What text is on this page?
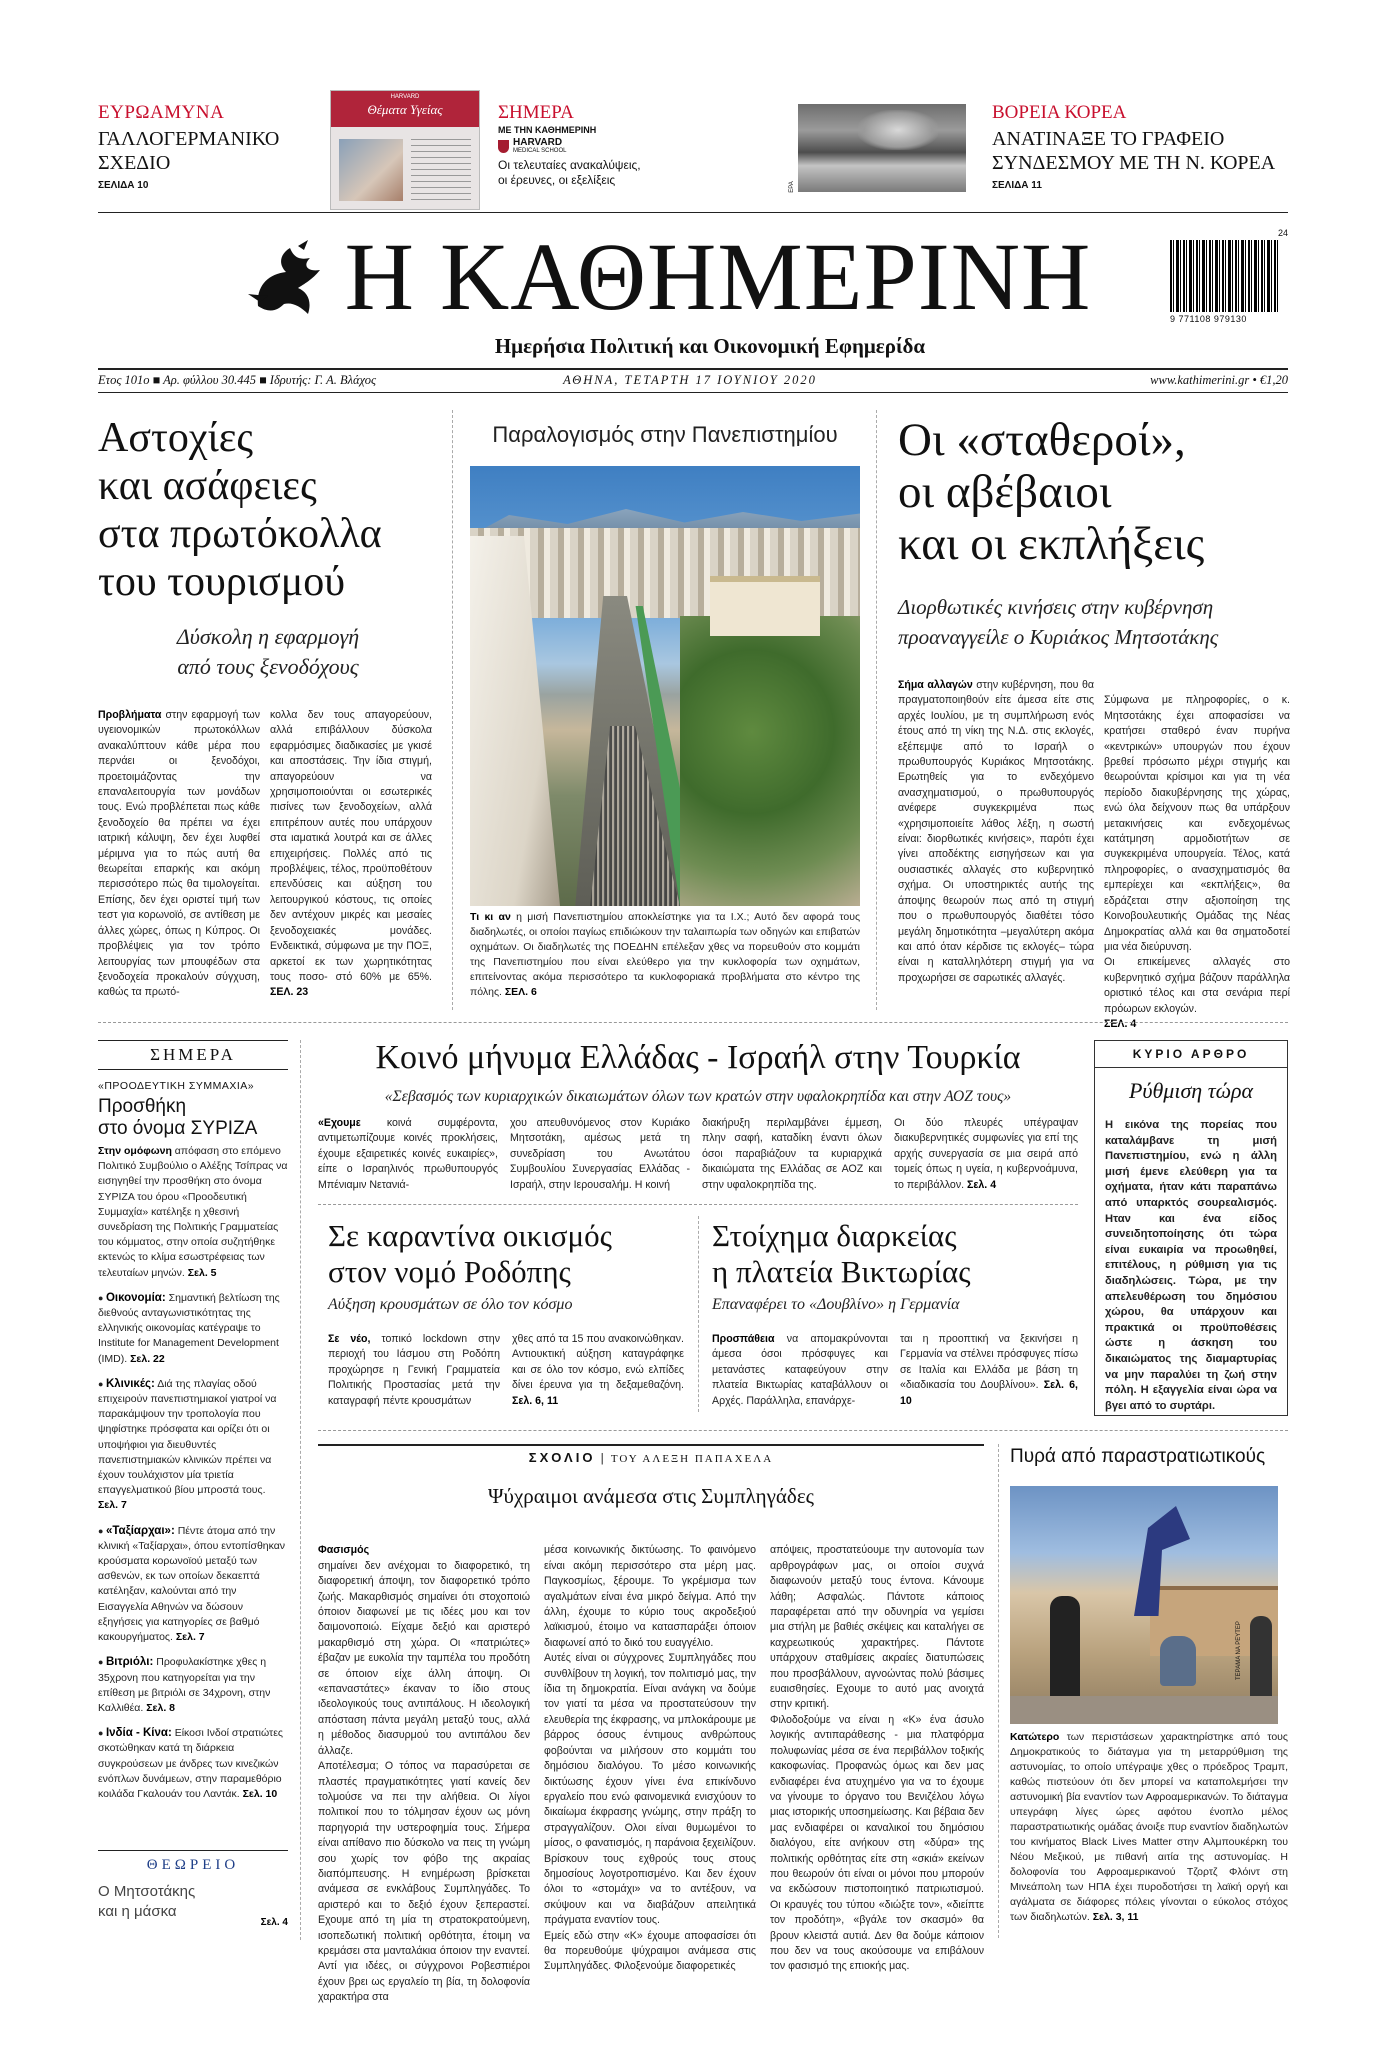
ΕΥΡΩΑΜΥΝΑ
ΓΑΛΛΟΓΕΡΜΑΝΙΚΟ
ΣΧΕΔΙΟ
ΣΕΛΙΔΑ 10
HARVARD
Θέματα Υγείας	ΣΗΜΕΡΑ
ΜΕ ΤΗΝ ΚΑΘΗΜΕΡΙΝΗ
HARVARD
MEDICAL SCHOOL
Οι τελευταίες ανακαλύψεις,
οι έρευνες, οι εξελίξεις	EPA
ΒΟΡΕΙΑ ΚΟΡΕΑ
ΑΝΑΤΙΝΑΞΕ ΤΟ ΓΡΑΦΕΙΟ
ΣΥΝΔΕΣΜΟΥ ΜΕ ΤΗ Ν. ΚΟΡΕΑ
ΣΕΛΙΔΑ 11
Η ΚΑΘΗΜΕΡΙΝΗ
Ημερήσια Πολιτική και Οικονομική Εφημερίδα
24
9 771108 979130
Ετος 101ο ■ Αρ. φύλλου 30.445 ■ Ιδρυτής: Γ. Α. Βλάχος	ΑΘΗΝΑ, ΤΕΤΑΡΤΗ 17 ΙΟΥΝΙΟΥ 2020	www.kathimerini.gr • €1,20
Αστοχίες
και ασάφειες
στα πρωτόκολλα
του τουρισμού
Δύσκολη η εφαρμογή
από τους ξενοδόχους
Προβλήματα στην εφαρμογή των υγειονομικών πρωτοκόλλων ανακαλύπτουν κάθε μέρα που περνάει οι ξενοδόχοι, προετοιμάζοντας την επαναλειτουργία των μονάδων τους. Ενώ προβλέπεται πως κάθε ξενοδοχείο θα πρέπει να έχει ιατρική κάλυψη, δεν έχει λυφθεί μέριμνα για το πώς αυτή θα θεωρείται επαρκής και ακόμη περισσότερο πώς θα τιμολογείται. Επίσης, δεν έχει οριστεί τιμή των τεστ για κορωνοϊό, σε αντίθεση με άλλες χώρες, όπως η Κύπρος. Οι προβλέψεις για τον τρόπο λειτουργίας των μπουφέδων στα ξενοδοχεία προκαλούν σύγχυση, καθώς τα πρωτό-
κολλα δεν τους απαγορεύουν, αλλά επιβάλλουν δύσκολα εφαρμόσιμες διαδικασίες με γκισέ και αποστάσεις. Την ίδια στιγμή, απαγορεύουν να χρησιμοποιούνται οι εσωτερικές πισίνες των ξενοδοχείων, αλλά επιτρέπουν αυτές που υπάρχουν στα ιαματικά λουτρά και σε άλλες επιχειρήσεις. Πολλές από τις προβλέψεις, τέλος, προϋποθέτουν επενδύσεις και αύξηση του λειτουργικού κόστους, τις οποίες δεν αντέχουν μικρές και μεσαίες ξενοδοχειακές μονάδες. Ενδεικτικά, σύμφωνα με την ΠΟΞ, αρκετοί εκ των χωρητικότητας τους ποσο- στό 60% με 65%. ΣΕΛ. 23
Παραλογισμός στην Πανεπιστημίου
Τι κι αν η μισή Πανεπιστημίου αποκλείστηκε για τα Ι.Χ.; Αυτό δεν αφορά τους διαδηλωτές, οι οποίοι παγίως επιδιώκουν την ταλαιπωρία των οδηγών και επιβατών οχημάτων. Οι διαδηλωτές της ΠΟΕΔΗΝ επέλεξαν χθες να πορευθούν στο κομμάτι της Πανεπιστημίου που είναι ελεύθερο για την κυκλοφορία των οχημάτων, επιτείνοντας ακόμα περισσότερο τα κυκλοφοριακά προβλήματα στο κέντρο της πόλης. ΣΕΛ. 6
Οι «σταθεροί»,
οι αβέβαιοι
και οι εκπλήξεις
Διορθωτικές κινήσεις στην κυβέρνηση
προαναγγείλε ο Κυριάκος Μητσοτάκης
Σήμα αλλαγών στην κυβέρνηση, που θα πραγματοποιηθούν είτε άμεσα είτε στις αρχές Ιουλίου, με τη συμπλήρωση ενός έτους από τη νίκη της Ν.Δ. στις εκλογές, εξέπεμψε από το Ισραήλ ο πρωθυπουργός Κυριάκος Μητσοτάκης. Ερωτηθείς για το ενδεχόμενο ανασχηματισμού, ο πρωθυπουργός ανέφερε συγκεκριμένα πως «χρησιμοποιείτε λάθος λέξη, η σωστή είναι: διορθωτικές κινήσεις», παρότι έχει γίνει αποδέκτης εισηγήσεων και για ουσιαστικές αλλαγές στο κυβερνητικό σχήμα. Οι υποστηρικτές αυτής της άποψης θεωρούν πως από τη στιγμή που ο πρωθυπουργός διαθέτει τόσο μεγάλη δημοτικότητα –μεγαλύτερη ακόμα και από όταν κέρδισε τις εκλογές– τώρα είναι η καταλληλότερη στιγμή για να προχωρήσει σε σαρωτικές αλλαγές.

Σύμφωνα με πληροφορίες, ο κ. Μητσοτάκης έχει αποφασίσει να κρατήσει σταθερό έναν πυρήνα «κεντρικών» υπουργών που έχουν βρεθεί πρόσωπο μέχρι στιγμής και θεωρούνται κρίσιμοι και για τη νέα περίοδο διακυβέρνησης της χώρας, ενώ όλα δείχνουν πως θα υπάρξουν μετακινήσεις και ενδεχομένως κατάτμηση αρμοδιοτήτων σε συγκεκριμένα υπουργεία. Τέλος, κατά πληροφορίες, ο ανασχηματισμός θα εμπερίεχει και «εκπλήξεις», θα εδράζεται στην αξιοποίηση της Κοινοβουλευτικής Ομάδας της Νέας Δημοκρατίας αλλά και θα σηματοδοτεί μια νέα διεύρυνση.
Οι επικείμενες αλλαγές στο κυβερνητικό σχήμα βάζουν παράλληλα οριστικό τέλος και στα σενάρια περί πρόωρων εκλογών.
ΣΕΛ. 4

ΣΗΜΕΡΑ
«ΠΡΟΟΔΕΥΤΙΚΗ ΣΥΜΜΑΧΙΑ»
Προσθήκη
στο όνομα ΣΥΡΙΖΑ
Στην ομόφωνη απόφαση στο επόμενο Πολιτικό Συμβούλιο ο Αλέξης Τσίπρας να εισηγηθεί την προσθήκη στο όνομα ΣΥΡΙΖΑ του όρου «Προοδευτική Συμμαχία» κατέληξε η χθεσινή συνεδρίαση της Πολιτικής Γραμματείας του κόμματος, στην οποία συζητήθηκε εκτενώς το κλίμα εσωστρέφειας των τελευταίων μηνών. Σελ. 5
● Οικονομία: Σημαντική βελτίωση της διεθνούς ανταγωνιστικότητας της ελληνικής οικονομίας κατέγραψε το Institute for Management Development (IMD). Σελ. 22
● Κλινικές: Διά της πλαγίας οδού επιχειρούν πανεπιστημιακοί γιατροί να παρακάμψουν την τροπολογία που ψηφίστηκε πρόσφατα και ορίζει ότι οι υποψήφιοι για διευθυντές πανεπιστημιακών κλινικών πρέπει να έχουν τουλάχιστον μία τριετία επαγγελματικού βίου μπροστά τους. Σελ. 7
● «Ταξίαρχαι»: Πέντε άτομα από την κλινική «Ταξίαρχαι», όπου εντοπίσθηκαν κρούσματα κορωνοϊού μεταξύ των ασθενών, εκ των οποίων δεκαεπτά κατέληξαν, καλούνται από την Εισαγγελία Αθηνών να δώσουν εξηγήσεις για κατηγορίες σε βαθμό κακουργήματος. Σελ. 7
● Βιτριόλι: Προφυλακίστηκε χθες η 35χρονη που κατηγορείται για την επίθεση με βιτριόλι σε 34χρονη, στην Καλλιθέα. Σελ. 8
● Ινδία - Κίνα: Είκοσι Ινδοί στρατιώτες σκοτώθηκαν κατά τη διάρκεια συγκρούσεων με άνδρες των κινεζικών ενόπλων δυνάμεων, στην παραμεθόριο κοιλάδα Γκαλουάν του Λαντάκ. Σελ. 10
ΘΕΩΡΕΙΟ
Ο Μητσοτάκης
και η μάσκα
Σελ. 4
Κοινό μήνυμα Ελλάδας - Ισραήλ στην Τουρκία
«Σεβασμός των κυριαρχικών δικαιωμάτων όλων των κρατών στην υφαλοκρηπίδα και στην ΑΟΖ τους»
«Εχουμε κοινά συμφέροντα, αντιμετωπίζουμε κοινές προκλήσεις, έχουμε εξαιρετικές κοινές ευκαιρίες», είπε ο Ισραηλινός πρωθυπουργός Μπένιαμιν Νετανιά-
χου απευθυνόμενος στον Κυριάκο Μητσοτάκη, αμέσως μετά τη συνεδρίαση του Ανωτάτου Συμβουλίου Συνεργασίας Ελλάδας - Ισραήλ, στην Ιερουσαλήμ. Η κοινή
διακήρυξη περιλαμβάνει έμμεση, πλην σαφή, καταδίκη έναντι όλων όσοι παραβιάζουν τα κυριαρχικά δικαιώματα της Ελλάδας σε ΑΟΖ και στην υφαλοκρηπίδα της.
Οι δύο πλευρές υπέγραψαν διακυβερνητικές συμφωνίες για επί της αρχής συνεργασία σε μια σειρά από τομείς όπως η υγεία, η κυβερνοάμυνα, το περιβάλλον. Σελ. 4
Σε καραντίνα οικισμός
στον νομό Ροδόπης
Αύξηση κρουσμάτων σε όλο τον κόσμο
Σε νέο, τοπικό lockdown στην περιοχή του Ιάσμου στη Ροδόπη προχώρησε η Γενική Γραμματεία Πολιτικής Προστασίας μετά την καταγραφή πέντε κρουσμάτων
χθες από τα 15 που ανακοινώθηκαν. Αντιουκτική αύξηση καταγράφηκε και σε όλο τον κόσμο, ενώ ελπίδες δίνει έρευνα για τη δεξαμεθαζόνη. Σελ. 6, 11
Στοίχημα διαρκείας
η πλατεία Βικτωρίας
Επαναφέρει το «Δουβλίνο» η Γερμανία
Προσπάθεια να απομακρύνονται άμεσα όσοι πρόσφυγες και μετανάστες καταφεύγουν στην πλατεία Βικτωρίας καταβάλλουν οι Αρχές. Παράλληλα, επανάρχε-
ται η προοπτική να ξεκινήσει η Γερμανία να στέλνει πρόσφυγες πίσω σε Ιταλία και Ελλάδα με βάση τη «διαδικασία του Δουβλίνου». Σελ. 6, 10
ΚΥΡΙΟ ΑΡΘΡΟ
Ρύθμιση τώρα
Η εικόνα της πορείας που καταλάμβανε τη μισή Πανεπιστημίου, ενώ η άλλη μισή έμενε ελεύθερη για τα οχήματα, ήταν κάτι παραπάνω από υπαρκτός σουρεαλισμός. Ηταν και ένα είδος συνειδητοποίησης ότι τώρα είναι ευκαιρία να προωθηθεί, επιτέλους, η ρύθμιση για τις διαδηλώσεις. Τώρα, με την απελευθέρωση του δημόσιου χώρου, θα υπάρχουν και πρακτικά οι προϋποθέσεις ώστε η άσκηση του δικαιώματος της διαμαρτυρίας να μην παραλύει τη ζωή στην πόλη. Η εξαγγελία είναι ώρα να βγει από το συρτάρι.
ΣΧΟΛΙΟ | ΤΟΥ ΑΛΕΞΗ ΠΑΠΑΧΕΛΑ
Ψύχραιμοι ανάμεσα στις Συμπληγάδες

Φασισμός
σημαίνει δεν ανέχομαι το διαφορετικό, τη διαφορετική άποψη, τον διαφορετικό τρόπο ζωής. Μακαρθισμός σημαίνει ότι στοχοποιώ όποιον διαφωνεί με τις ιδέες μου και τον δαιμονοποιώ. Είχαμε δεξιό και αριστερό μακαρθισμό στη χώρα. Οι «πατριώτες» έβαζαν με ευκολία την ταμπέλα του προδότη σε όποιον είχε άλλη άποψη. Οι «επαναστάτες» έκαναν το ίδιο στους ιδεολογικούς τους αντιπάλους. Η ιδεολογική απόσταση πάντα μεγάλη μεταξύ τους, αλλά η μέθοδος διασυρμού του αντιπάλου δεν άλλαζε.
Αποτέλεσμα; Ο τόπος να παρασύρεται σε πλαστές πραγματικότητες γιατί κανείς δεν τολμούσε να πει την αλήθεια. Οι λίγοι πολιτικοί που το τόλμησαν έχουν ως μόνη παρηγοριά την υστεροφημία τους. Σήμερα είναι απίθανο πιο δύσκολο να πεις τη γνώμη σου χωρίς τον φόβο της ακραίας διαπόμπευσης. Η ενημέρωση βρίσκεται ανάμεσα σε ενκλάβους Συμπληγάδες. Το αριστερό και το δεξιό έχουν ξεπεραστεί. Εχουμε από τη μία τη στρατοκρατούμενη, ισοπεδωτική πολιτική ορθότητα, έτοιμη να κρεμάσει στα μανταλάκια όποιον την εναντεί. Αντί για ιδέες, οι σύγχρονοι Ροβεσπιέροι έχουν βρει ως εργαλείο τη βία, τη δολοφονία χαρακτήρα στα

μέσα κοινωνικής δικτύωσης. Το φαινόμενο είναι ακόμη περισσότερο στα μέρη μας. Παγκοσμίως, ξέρουμε. Το γκρέμισμα των αγαλμάτων είναι ένα μικρό δείγμα. Από την άλλη, έχουμε το κύριο τους ακροδεξιού λαϊκισμού, έτοιμο να κατασπαράξει όποιον διαφωνεί από το δικό του ευαγγέλιο.
Αυτές είναι οι σύγχρονες Συμπληγάδες που συνθλίβουν τη λογική, τον πολιτισμό μας, την ίδια τη δημοκρατία. Είναι ανάγκη να δούμε τον γιατί τα μέσα να προστατεύσουν την ελευθερία της έκφρασης, να μπλοκάρουμε με βάρρος όσους έντιμους ανθρώπους φοβούνται να μιλήσουν στο κομμάτι του δημόσιου διαλόγου. Το μέσο κοινωνικής δικτύωσης έχουν γίνει ένα επικίνδυνο εργαλείο που ενώ φαινομενικά ενισχύουν το δικαίωμα έκφρασης γνώμης, στην πράξη το στραγγαλίζουν. Ολοι είναι θυμωμένοι το μίσος, ο φανατισμός, η παράνοια ξεχειλίζουν. Βρίσκουν τους εχθρούς τους στους δημοσίους λογοτροπισμένο. Και δεν έχουν όλοι το «στομάχι» να το αντέξουν, να σκύψουν και να διαβάζουν απειλητικά πράγματα εναντίον τους.
Εμείς εδώ στην «Κ» έχουμε αποφασίσει ότι θα πορευθούμε ψύχραιμοι ανάμεσα στις Συμπληγάδες. Φιλοξενούμε διαφορετικές

απόψεις, προστατεύουμε την αυτονομία των αρθρογράφων μας, οι οποίοι συχνά διαφωνούν μεταξύ τους έντονα. Κάνουμε λάθη; Ασφαλώς. Πάντοτε κάποιος παραφέρεται από την οδυνηρία να γεμίσει μια στήλη με βαθιές σκέψεις και καταλήγει σε καχρεωτικούς χαρακτήρες. Πάντοτε υπάρχουν σταθμίσεις ακραίες διατυπώσεις που προσβάλλουν, αγνοώντας πολύ βάσιμες ευαισθησίες. Εχουμε το αυτό μας ανοιχτά στην κριτική.
Φιλοδοξούμε να είναι η «Κ» ένα άσυλο λογικής αντιπαράθεσης - μια πλατφόρμα πολυφωνίας μέσα σε ένα περιβάλλον τοξικής κακοφωνίας. Προφανώς όμως και δεν μας ενδιαφέρει ένα ατυχημένο για να το έχουμε να γίνουμε το όργανο του Βενιζέλου λόγω μιας ιστορικής υποσημείωσης. Και βέβαια δεν μας ενδιαφέρει οι καναλικοί του δημόσιου διαλόγου, είτε ανήκουν στη «δύρα» της πολιτικής ορθότητας είτε στη «σκιά» εκείνων που θεωρούν ότι είναι οι μόνοι που μπορούν να εκδώσουν πιστοποιητικό πατριωτισμού. Οι κραυγές του τύπου «διώξτε τον», «διείπτε τον προδότη», «βγάλε τον σκασμό» θα βρουν κλειστά αυτιά. Δεν θα δούμε κάποιον που δεν να τους ακούσουμε να επιβάλουν τον φασισμό της επιοκής μας.

Πυρά από παραστρατιωτικούς
ΤΕΡΑΜΑ ΝΑ ΡΕΥΤΕΡ
Κατώτερο των περιστάσεων χαρακτηρίστηκε από τους Δημοκρατικούς το διάταγμα για τη μεταρρύθμιση της αστυνομίας, το οποίο υπέγραψε χθες ο πρόεδρος Τραμπ, καθώς πιστεύουν ότι δεν μπορεί να καταπολεμήσει την αστυνομική βία εναντίον των Αφροαμερικανών. Το διάταγμα υπεγράφη λίγες ώρες αφότου ένοπλο μέλος παραστρατιωτικής ομάδας άνοιξε πυρ εναντίον διαδηλωτών του κινήματος Black Lives Matter στην Αλμπουκέρκη του Νέου Μεξικού, με πιθανή αιτία της αστυνομίας. Η δολοφονία του Αφροαμερικανού Τζορτζ Φλόιντ στη Μινεάπολη των ΗΠΑ έχει πυροδοτήσει τη λαϊκή οργή και αγάλματα σε διάφορες πόλεις γίνονται ο εύκολος στόχος των διαδηλωτών. Σελ. 3, 11
